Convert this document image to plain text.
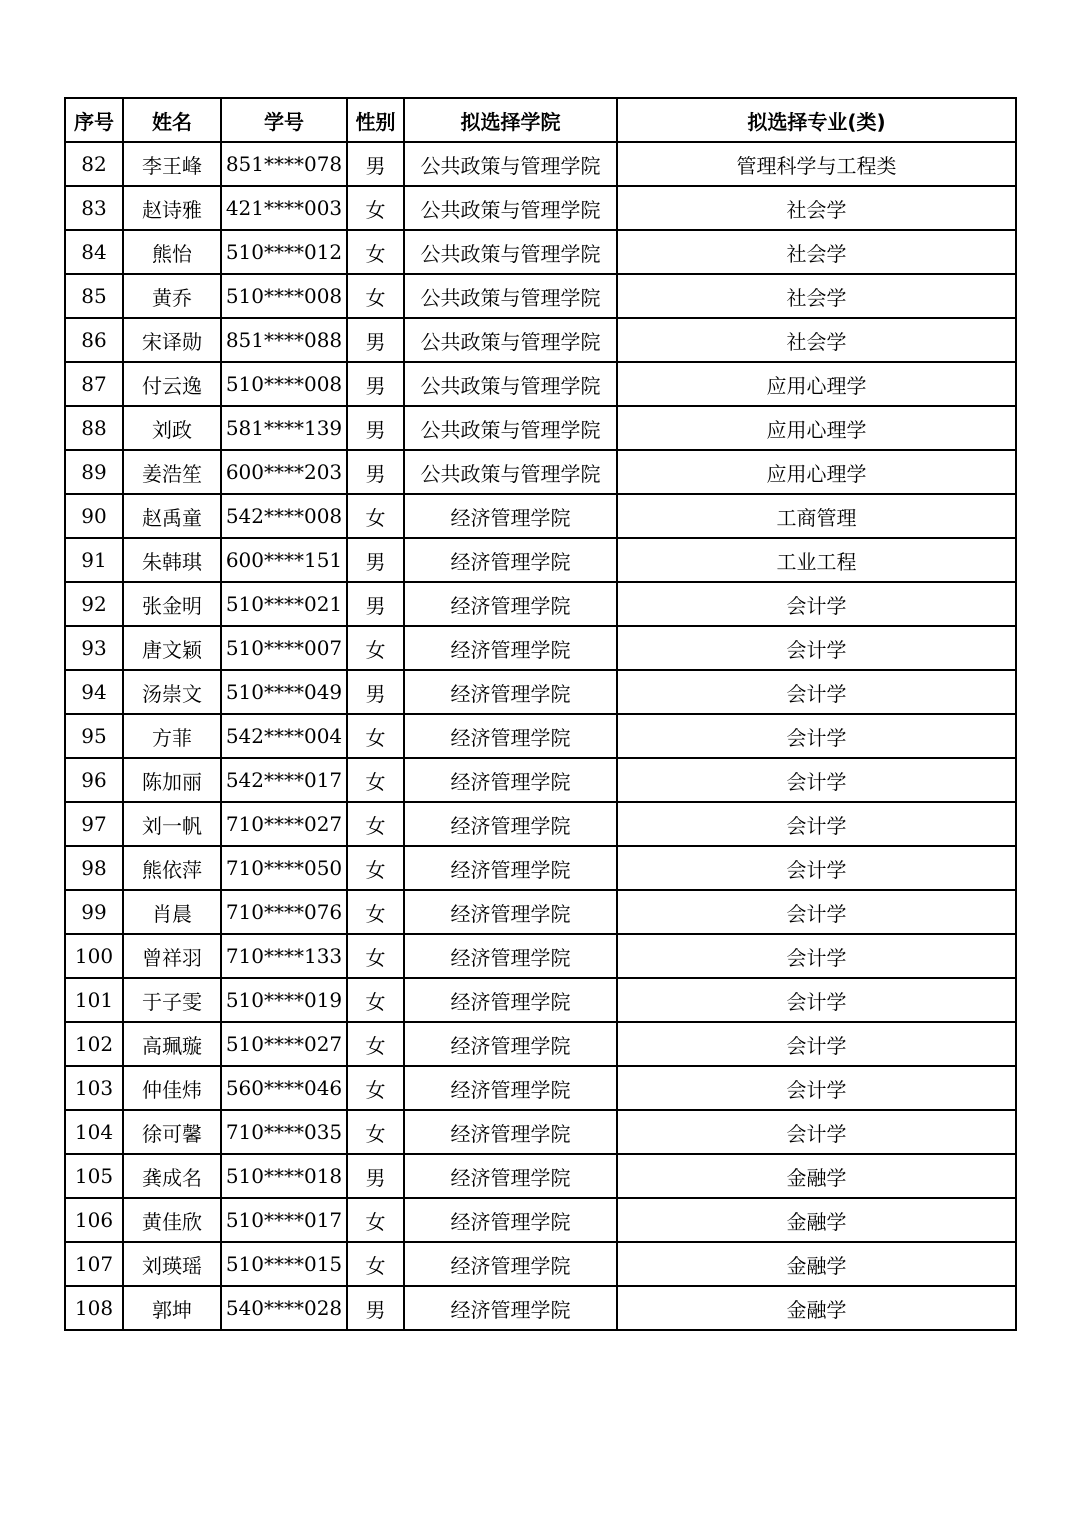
序号	姓名	学号	性别	拟选择学院	拟选择专业(类)
82	李王峰	851****078	男	公共政策与管理学院	管理科学与工程类
83	赵诗雅	421****003	女	公共政策与管理学院	社会学
84	熊怡	510****012	女	公共政策与管理学院	社会学
85	黄乔	510****008	女	公共政策与管理学院	社会学
86	宋译勋	851****088	男	公共政策与管理学院	社会学
87	付云逸	510****008	男	公共政策与管理学院	应用心理学
88	刘政	581****139	男	公共政策与管理学院	应用心理学
89	姜浩笙	600****203	男	公共政策与管理学院	应用心理学
90	赵禹童	542****008	女	经济管理学院	工商管理
91	朱韩琪	600****151	男	经济管理学院	工业工程
92	张金明	510****021	男	经济管理学院	会计学
93	唐文颖	510****007	女	经济管理学院	会计学
94	汤崇文	510****049	男	经济管理学院	会计学
95	方菲	542****004	女	经济管理学院	会计学
96	陈加丽	542****017	女	经济管理学院	会计学
97	刘一帆	710****027	女	经济管理学院	会计学
98	熊依萍	710****050	女	经济管理学院	会计学
99	肖晨	710****076	女	经济管理学院	会计学
100	曾祥羽	710****133	女	经济管理学院	会计学
101	于子雯	510****019	女	经济管理学院	会计学
102	高珮璇	510****027	女	经济管理学院	会计学
103	仲佳炜	560****046	女	经济管理学院	会计学
104	徐可馨	710****035	女	经济管理学院	会计学
105	龚成名	510****018	男	经济管理学院	金融学
106	黄佳欣	510****017	女	经济管理学院	金融学
107	刘瑛瑶	510****015	女	经济管理学院	金融学
108	郭坤	540****028	男	经济管理学院	金融学
